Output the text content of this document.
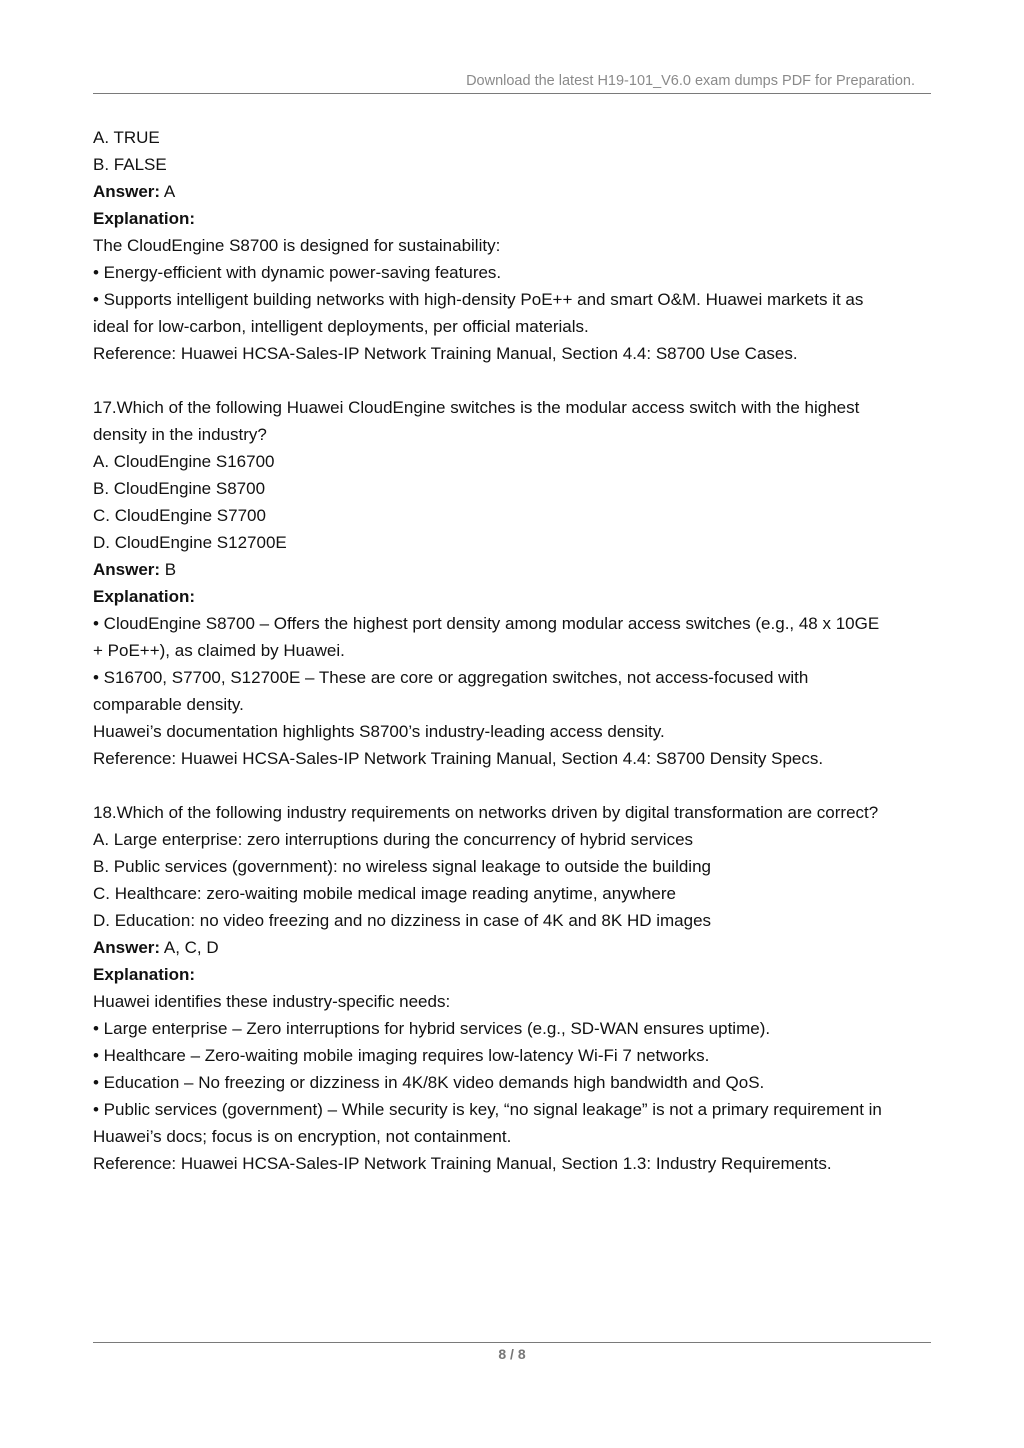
Download the latest H19-101_V6.0 exam dumps PDF for Preparation.
A. TRUE
B. FALSE
Answer: A
Explanation:
The CloudEngine S8700 is designed for sustainability:
• Energy-efficient with dynamic power-saving features.
• Supports intelligent building networks with high-density PoE++ and smart O&M. Huawei markets it as
ideal for low-carbon, intelligent deployments, per official materials.
Reference: Huawei HCSA-Sales-IP Network Training Manual, Section 4.4: S8700 Use Cases.
17.Which of the following Huawei CloudEngine switches is the modular access switch with the highest
density in the industry?
A. CloudEngine S16700
B. CloudEngine S8700
C. CloudEngine S7700
D. CloudEngine S12700E
Answer: B
Explanation:
• CloudEngine S8700 – Offers the highest port density among modular access switches (e.g., 48 x 10GE
+ PoE++), as claimed by Huawei.
• S16700, S7700, S12700E – These are core or aggregation switches, not access-focused with
comparable density.
Huawei’s documentation highlights S8700’s industry-leading access density.
Reference: Huawei HCSA-Sales-IP Network Training Manual, Section 4.4: S8700 Density Specs.
18.Which of the following industry requirements on networks driven by digital transformation are correct?
A. Large enterprise: zero interruptions during the concurrency of hybrid services
B. Public services (government): no wireless signal leakage to outside the building
C. Healthcare: zero-waiting mobile medical image reading anytime, anywhere
D. Education: no video freezing and no dizziness in case of 4K and 8K HD images
Answer: A, C, D
Explanation:
Huawei identifies these industry-specific needs:
• Large enterprise – Zero interruptions for hybrid services (e.g., SD-WAN ensures uptime).
• Healthcare – Zero-waiting mobile imaging requires low-latency Wi-Fi 7 networks.
• Education – No freezing or dizziness in 4K/8K video demands high bandwidth and QoS.
• Public services (government) – While security is key, “no signal leakage” is not a primary requirement in
Huawei’s docs; focus is on encryption, not containment.
Reference: Huawei HCSA-Sales-IP Network Training Manual, Section 1.3: Industry Requirements.
8 / 8
